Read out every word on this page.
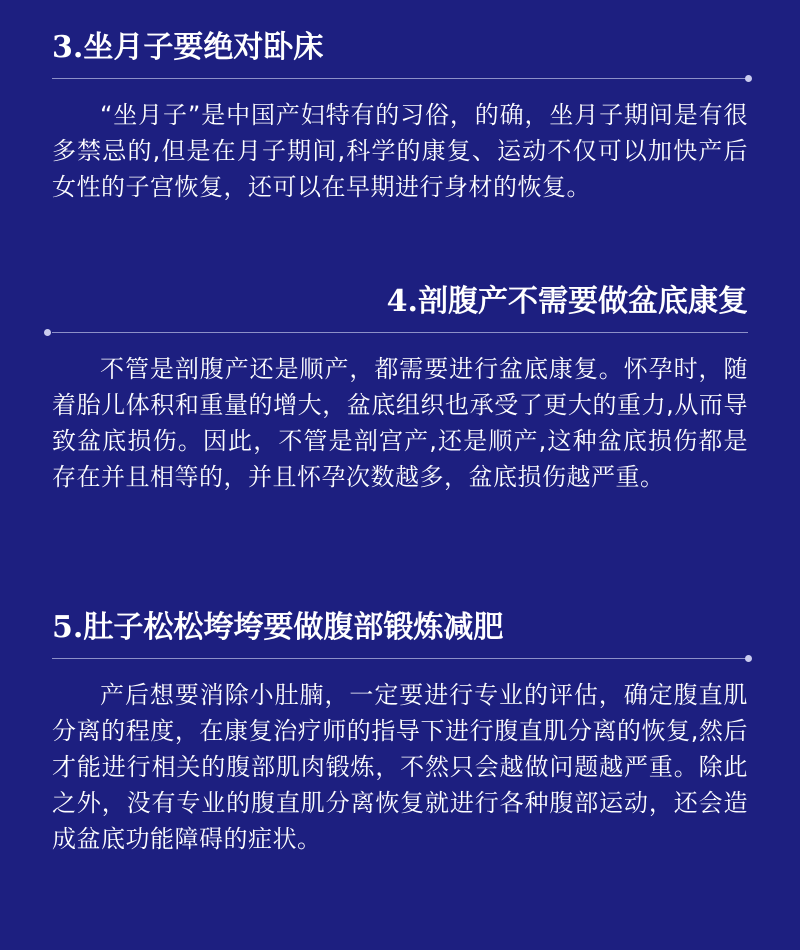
3.坐月子要绝对卧床
“坐月子”是中国产妇特有的习俗，的确，坐月子期间是有很多禁忌的,但是在月子期间,科学的康复、运动不仅可以加快产后女性的子宫恢复，还可以在早期进行身材的恢复。
4.剖腹产不需要做盆底康复
不管是剖腹产还是顺产，都需要进行盆底康复。怀孕时，随着胎儿体积和重量的增大，盆底组织也承受了更大的重力,从而导致盆底损伤。因此，不管是剖宫产,还是顺产,这种盆底损伤都是存在并且相等的，并且怀孕次数越多，盆底损伤越严重。
5.肚子松松垮垮要做腹部锻炼减肥
产后想要消除小肚腩，一定要进行专业的评估，确定腹直肌分离的程度，在康复治疗师的指导下进行腹直肌分离的恢复,然后才能进行相关的腹部肌肉锻炼，不然只会越做问题越严重。除此之外，没有专业的腹直肌分离恢复就进行各种腹部运动，还会造成盆底功能障碍的症状。
